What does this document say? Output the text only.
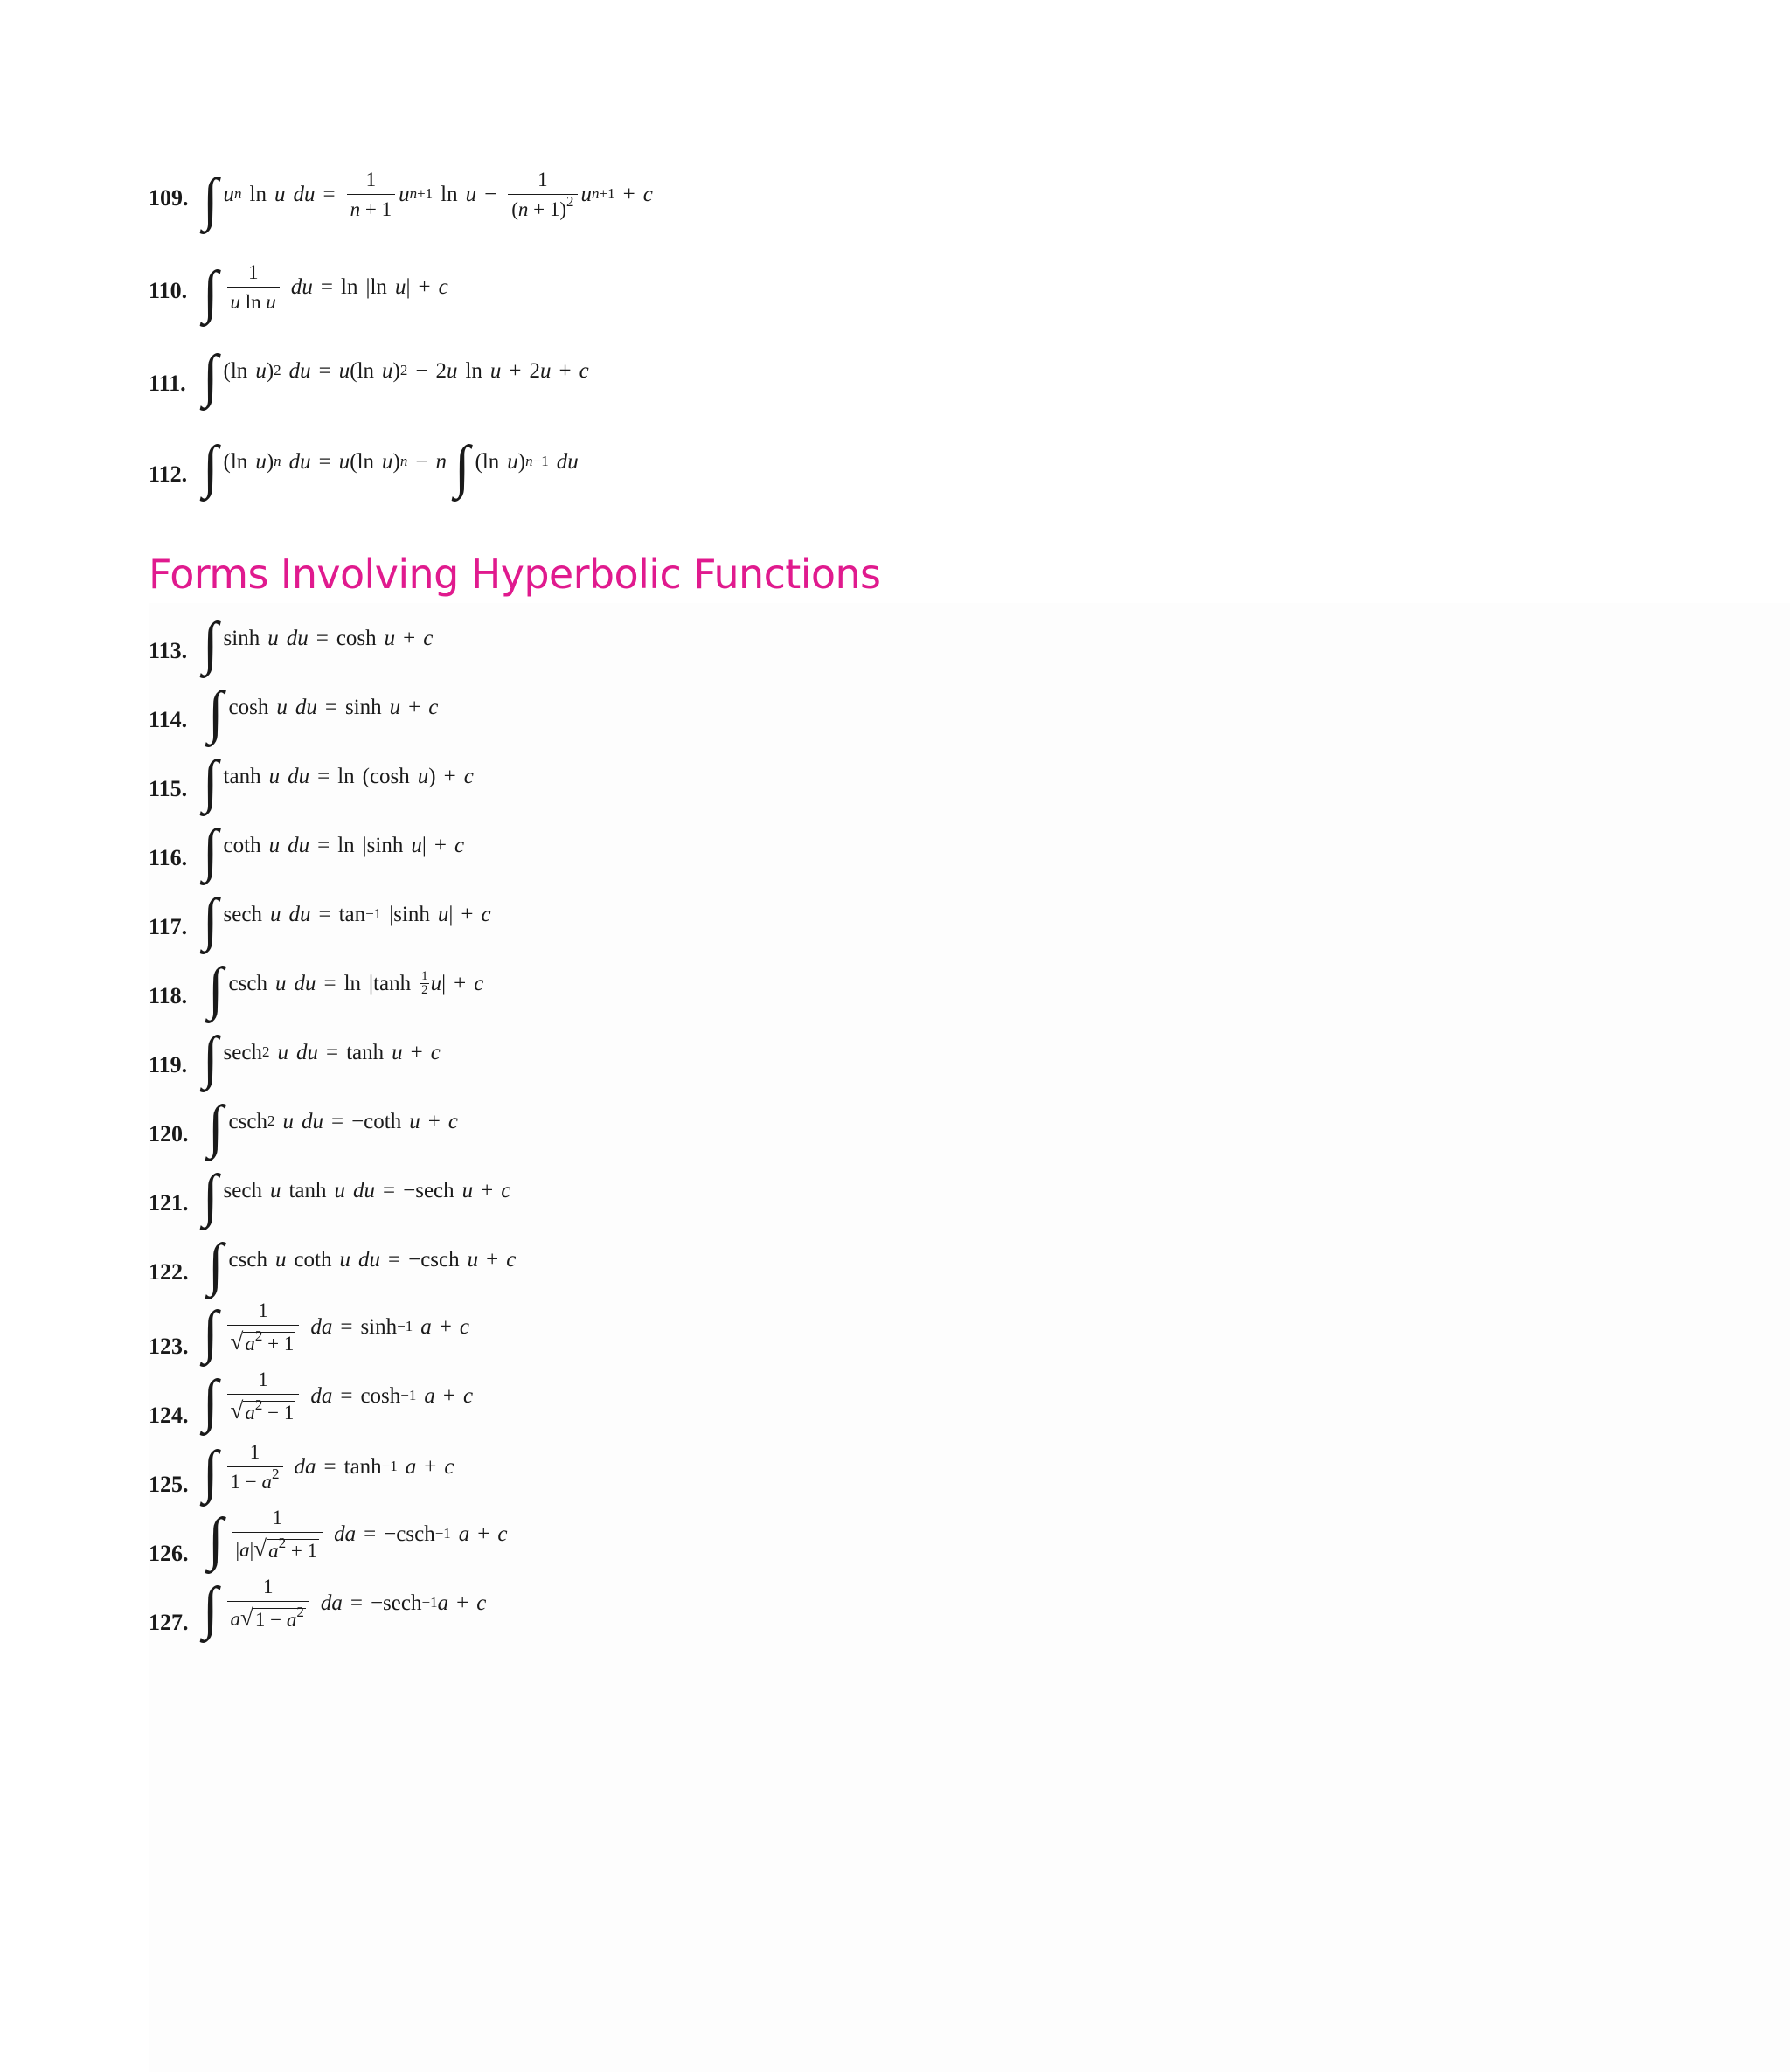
109. ∫ u n ln u du = $\frac{1}{n + 1}$ u n+1 $\ln u - \frac{1}{(n + 1)^2}$ u n+1 + c
110. ∫ $\frac{1}{\text{u ln u}}$ du = ln |ln u | + c
111. ∫ (ln u ) 2 du = u (ln u ) 2 − 2 u ln u + 2 u + c
112. ∫ (ln u ) n du = u (ln u ) n − n ∫ (ln u ) n−1 du
Forms Involving Hyperbolic Functions
113. ∫ sinh u du = cosh u + c
114. ∫ cosh u du = sinh u + c
115. ∫ tanh u du = ln (cosh u ) + c
116. ∫ coth u du = ln |sinh u | + c
117. ∫ sech u du = tan −1 |sinh u | + c
118. ∫ csch u du = ln |tanh 1
2 u | + c
119. ∫ sech 2 u du = tanh u + c
120. ∫ csch 2 u du = −coth u + c
121. ∫ sech u tanh u du = −sech u + c
122. ∫ csch u coth u du = −csch u + c
123. ∫ $\frac{1}{√ a^2 + 1}$ da = sinh −1 a + c
124. ∫ $\frac{1}{√ a^2 - 1}$ da = cosh −1 a + c
125. ∫ $\frac{1}{1 - a^2}$ da = tanh −1 a + c
126. ∫ $\frac{1}{|a| √ a^2 + 1}$ da = −csch −1 a + c
127. ∫ $\frac{1}{a √ 1 - a^2}$ da = −sech −1 a + c
